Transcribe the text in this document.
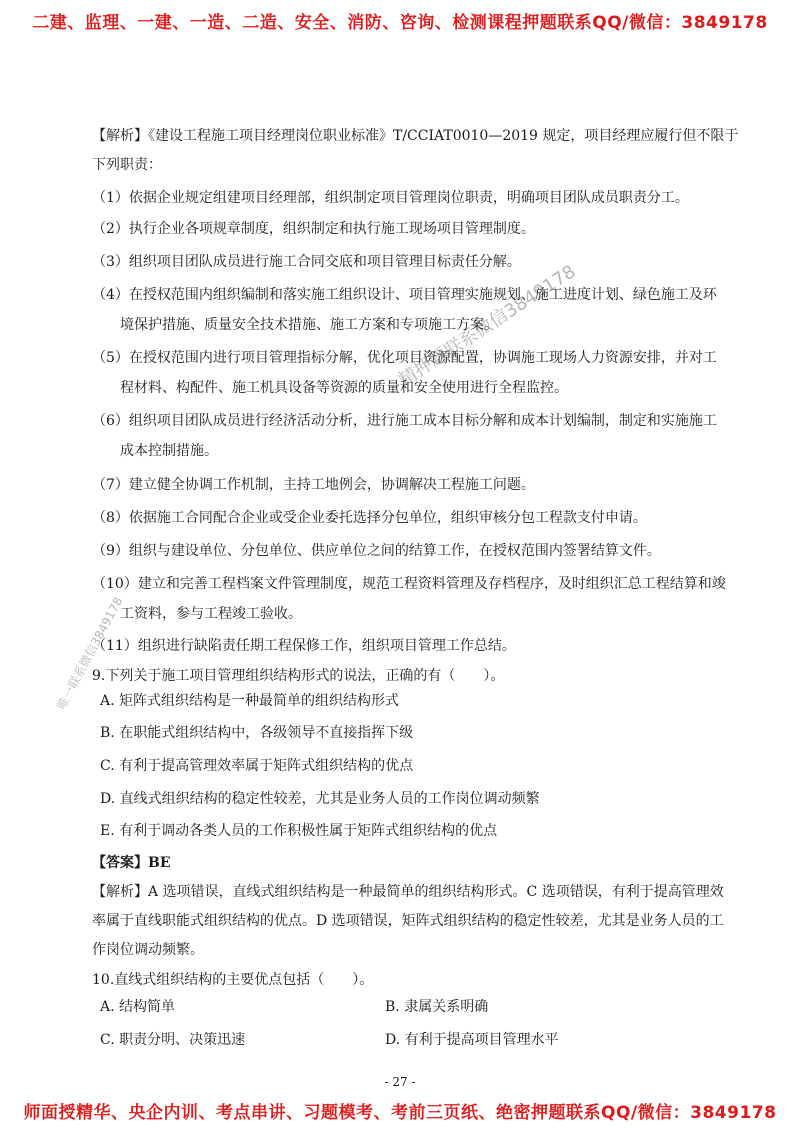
二建、监理、一建、一造、二造、安全、消防、咨询、检测课程押题联系QQ/微信：3849178
【解析】《建设工程施工项目经理岗位职业标准》T/CCIAT0010—2019 规定，项目经理应履行但不限于
下列职责：
（1）依据企业规定组建项目经理部，组织制定项目管理岗位职责，明确项目团队成员职责分工。
（2）执行企业各项规章制度，组织制定和执行施工现场项目管理制度。
（3）组织项目团队成员进行施工合同交底和项目管理目标责任分解。
（4）在授权范围内组织编制和落实施工组织设计、项目管理实施规划、施工进度计划、绿色施工及环
境保护措施、质量安全技术措施、施工方案和专项施工方案。
（5）在授权范围内进行项目管理指标分解，优化项目资源配置，协调施工现场人力资源安排，并对工
程材料、构配件、施工机具设备等资源的质量和安全使用进行全程监控。
（6）组织项目团队成员进行经济活动分析，进行施工成本目标分解和成本计划编制，制定和实施施工
成本控制措施。
（7）建立健全协调工作机制，主持工地例会，协调解决工程施工问题。
（8）依据施工合同配合企业或受企业委托选择分包单位，组织审核分包工程款支付申请。
（9）组织与建设单位、分包单位、供应单位之间的结算工作，在授权范围内签署结算文件。
（10）建立和完善工程档案文件管理制度，规范工程资料管理及存档程序，及时组织汇总工程结算和竣
工资料，参与工程竣工验收。
（11）组织进行缺陷责任期工程保修工作，组织项目管理工作总结。
9.下列关于施工项目管理组织结构形式的说法，正确的有（　　）。
A. 矩阵式组织结构是一种最简单的组织结构形式
B. 在职能式组织结构中，各级领导不直接指挥下级
C. 有利于提高管理效率属于矩阵式组织结构的优点
D. 直线式组织结构的稳定性较差，尤其是业务人员的工作岗位调动频繁
E. 有利于调动各类人员的工作积极性属于矩阵式组织结构的优点
【答案】BE
【解析】A 选项错误，直线式组织结构是一种最简单的组织结构形式。C 选项错误，有利于提高管理效
率属于直线职能式组织结构的优点。D 选项错误，矩阵式组织结构的稳定性较差，尤其是业务人员的工
作岗位调动频繁。
10.直线式组织结构的主要优点包括（　　）。
A. 结构简单	B. 隶属关系明确
C. 职责分明、决策迅速	D. 有利于提高项目管理水平
- 27 -
师面授精华、央企内训、考点串讲、习题模考、考前三页纸、绝密押题联系QQ/微信：3849178
精押题联系微信3849178
唯一联系微信3849178
